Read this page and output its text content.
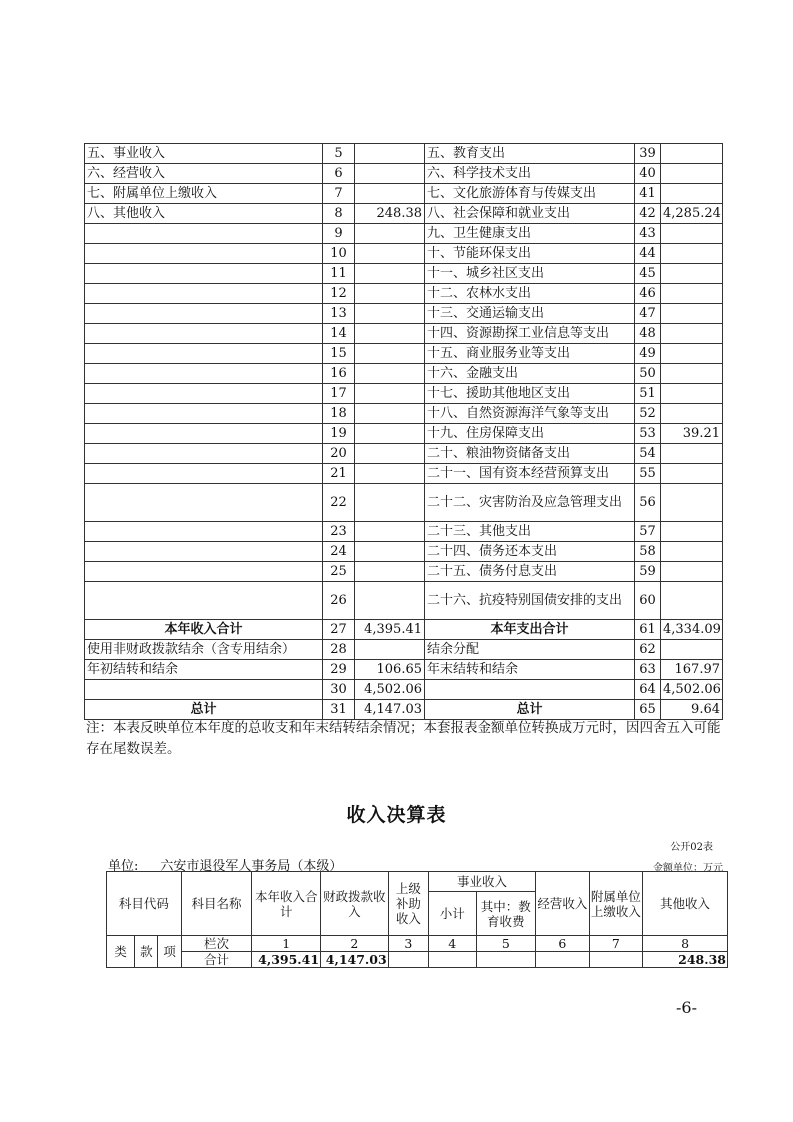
五、事业收入	5		五、教育支出	39	
六、经营收入	6		六、科学技术支出	40	
七、附属单位上缴收入	7		七、文化旅游体育与传媒支出	41	
八、其他收入	8	248.38	八、社会保障和就业支出	42	4,285.24
	9		九、卫生健康支出	43	
	10		十、节能环保支出	44	
	11		十一、城乡社区支出	45	
	12		十二、农林水支出	46	
	13		十三、交通运输支出	47	
	14		十四、资源勘探工业信息等支出	48	
	15		十五、商业服务业等支出	49	
	16		十六、金融支出	50	
	17		十七、援助其他地区支出	51	
	18		十八、自然资源海洋气象等支出	52	
	19		十九、住房保障支出	53	39.21
	20		二十、粮油物资储备支出	54	
	21		二十一、国有资本经营预算支出	55	
	22		二十二、灾害防治及应急管理支出	56	
	23		二十三、其他支出	57	
	24		二十四、债务还本支出	58	
	25		二十五、债务付息支出	59	
	26		二十六、抗疫特别国债安排的支出	60	
本年收入合计	27	4,395.41	本年支出合计	61	4,334.09
使用非财政拨款结余（含专用结余）	28		结余分配	62	
年初结转和结余	29	106.65	年末结转和结余	63	167.97
	30	4,502.06		64	4,502.06
总计	31	4,147.03	总计	65	9.64
注：本表反映单位本年度的总收支和年末结转结余情况；本套报表金额单位转换成万元时，因四舍五入可能存在尾数误差。
收入决算表
公开02表
单位: 六安市退役军人事务局（本级）	金额单位：万元
科目代码			科目名称	本年收入合计	财政拨款收入	上级补助收入	事业收入		经营收入	附属单位上缴收入	其他收入
							小计	其中：教育收费			

类	款	项	栏次	1	2	3	4	5	6	7	8
			合计	4,395.41	4,147.03						248.38
-6-
